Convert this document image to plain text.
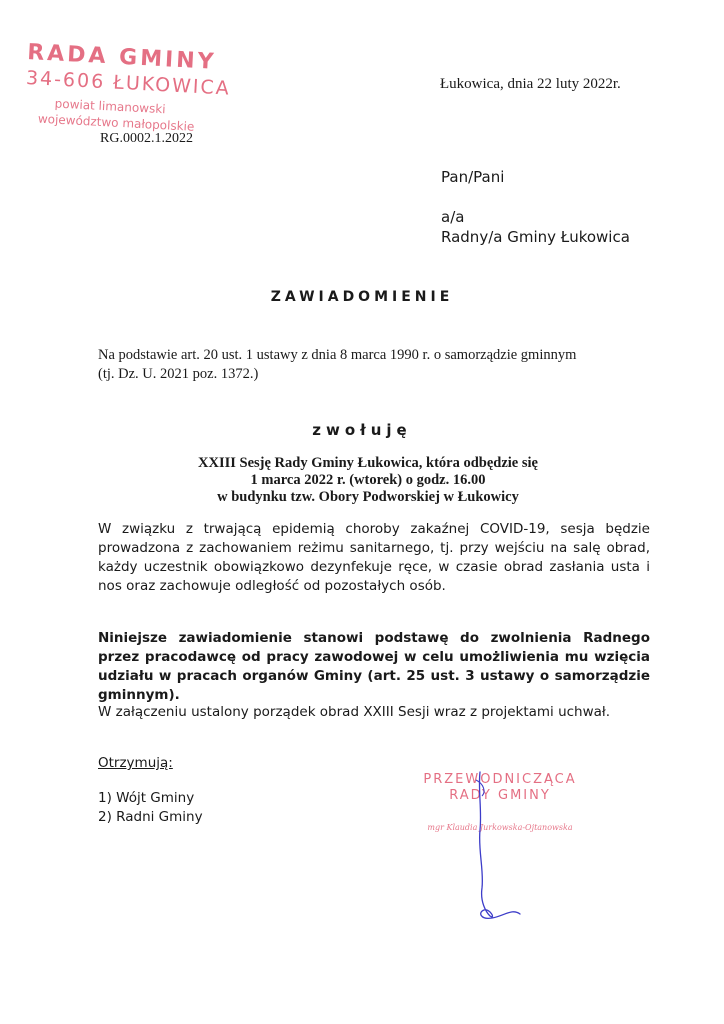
RADA GMINY
34-606 ŁUKOWICA
powiat limanowski
województwo małopolskie
RG.0002.1.2022
Łukowica, dnia 22 luty 2022r.
Pan/Pani
a/a
Radny/a Gminy Łukowica
ZAWIADOMIENIE
Na podstawie art. 20 ust. 1 ustawy z dnia 8 marca 1990 r. o samorządzie gminnym
(tj. Dz. U. 2021 poz. 1372.)
zwołuję
XXIII Sesję Rady Gminy Łukowica, która odbędzie się
1 marca 2022 r. (wtorek) o godz. 16.00
w budynku tzw. Obory Podworskiej w Łukowicy
W związku z trwającą epidemią choroby zakaźnej COVID-19, sesja będzie prowadzona z zachowaniem reżimu sanitarnego, tj. przy wejściu na salę obrad, każdy uczestnik obowiązkowo dezynfekuje ręce, w czasie obrad zasłania usta i nos oraz zachowuje odległość od pozostałych osób.
Niniejsze zawiadomienie stanowi podstawę do zwolnienia Radnego przez pracodawcę od pracy zawodowej w celu umożliwienia mu wzięcia udziału w pracach organów Gminy (art. 25 ust. 3 ustawy o samorządzie gminnym).
W załączeniu ustalony porządek obrad XXIII Sesji wraz z projektami uchwał.
Otrzymują:
1) Wójt Gminy
2) Radni Gminy
PRZEWODNICZĄCA
RADY GMINY
mgr Klaudia Jurkowska-Ojtanowska
